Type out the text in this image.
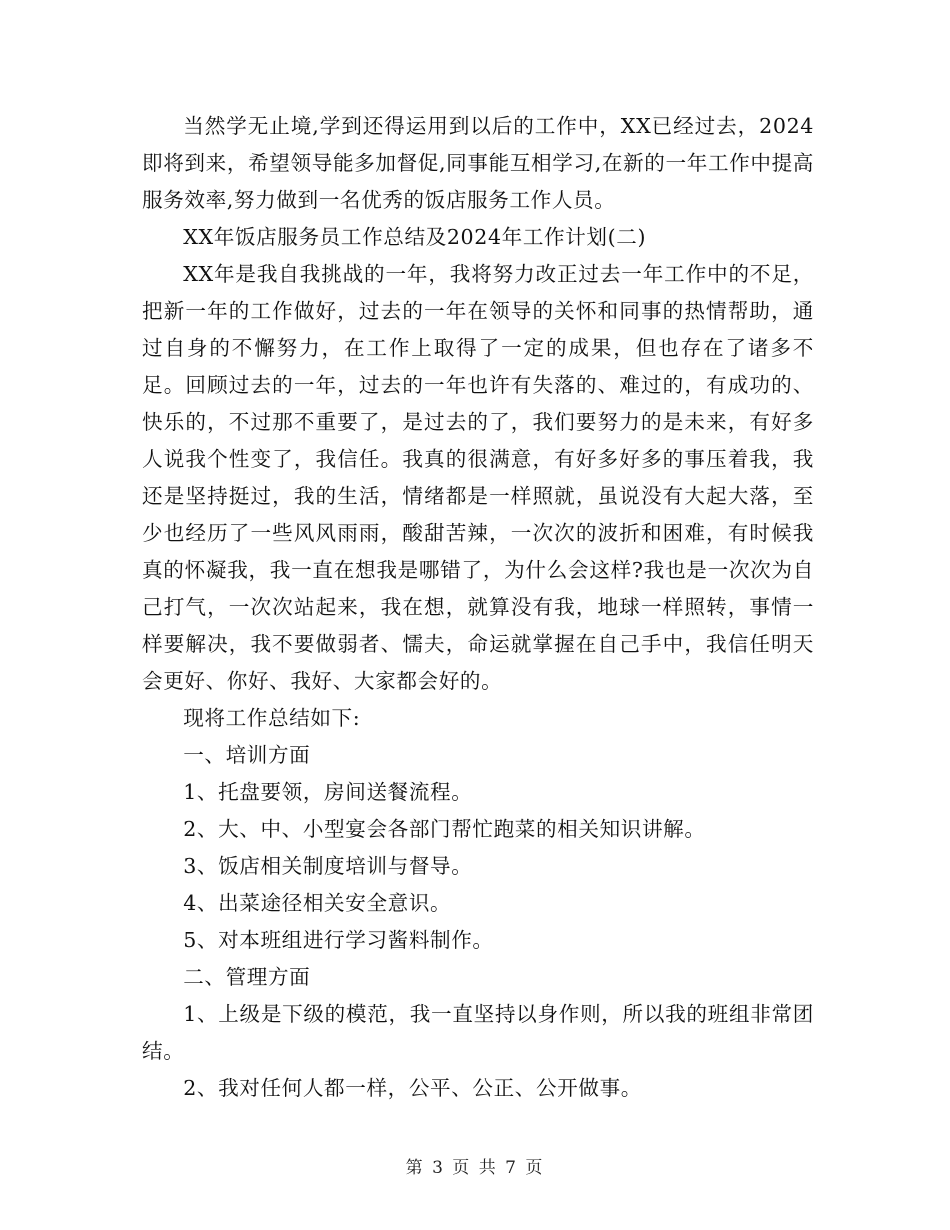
当然学无止境,学到还得运用到以后的工作中，XX已经过去，2024即将到来，希望领导能多加督促,同事能互相学习,在新的一年工作中提高服务效率,努力做到一名优秀的饭店服务工作人员。

XX年饭店服务员工作总结及2024年工作计划(二)

XX年是我自我挑战的一年，我将努力改正过去一年工作中的不足，把新一年的工作做好，过去的一年在领导的关怀和同事的热情帮助，通过自身的不懈努力，在工作上取得了一定的成果，但也存在了诸多不足。回顾过去的一年，过去的一年也许有失落的、难过的，有成功的、快乐的，不过那不重要了，是过去的了，我们要努力的是未来，有好多人说我个性变了，我信任。我真的很满意，有好多好多的事压着我，我还是坚持挺过，我的生活，情绪都是一样照就，虽说没有大起大落，至少也经历了一些风风雨雨，酸甜苦辣，一次次的波折和困难，有时候我真的怀凝我，我一直在想我是哪错了，为什么会这样?我也是一次次为自己打气，一次次站起来，我在想，就算没有我，地球一样照转，事情一样要解决，我不要做弱者、懦夫，命运就掌握在自己手中，我信任明天会更好、你好、我好、大家都会好的。

现将工作总结如下:

一、培训方面

1、托盘要领，房间送餐流程。

2、大、中、小型宴会各部门帮忙跑菜的相关知识讲解。

3、饭店相关制度培训与督导。

4、出菜途径相关安全意识。

5、对本班组进行学习酱料制作。

二、管理方面

1、上级是下级的模范，我一直坚持以身作则，所以我的班组非常团结。

2、我对任何人都一样，公平、公正、公开做事。

第 3 页 共 7 页
